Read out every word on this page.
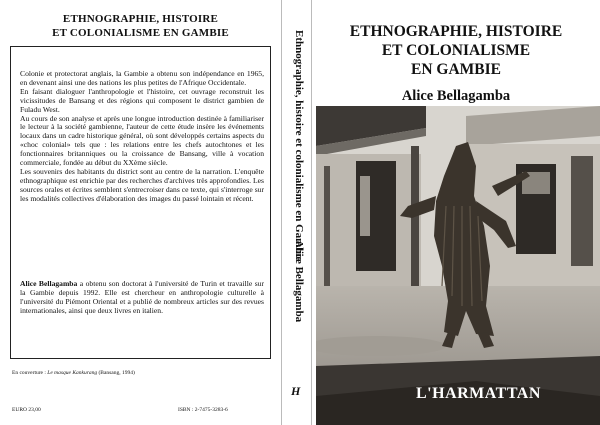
ETHNOGRAPHIE, HISTOIRE
ET COLONIALISME EN GAMBIE

Colonie et protectorat anglais, la Gambie a obtenu son indépendance en 1965, en devenant ainsi une des nations les plus petites de l'Afrique Occidentale.

En faisant dialoguer l'anthropologie et l'histoire, cet ouvrage reconstruit les vicissitudes de Bansang et des régions qui composent le district gambien de Fuladu West.

Au cours de son analyse et après une longue introduction destinée à familiariser le lecteur à la société gambienne, l'auteur de cette étude insère les événements locaux dans un cadre historique général, où sont développés certains aspects du «choc colonial» tels que : les relations entre les chefs autochtones et les fonctionnaires britanniques ou la croissance de Bansang, ville à vocation commerciale, fondée au début du XXème siècle.

Les souvenirs des habitants du district sont au centre de la narration. L'enquête ethnographique est enrichie par des recherches d'archives très approfondies. Les sources orales et écrites semblent s'entrecroiser dans ce texte, qui s'interroge sur les modalités collectives d'élaboration des images du passé lointain et récent.

Alice Bellagamba a obtenu son doctorat à l'université de Turin et travaille sur la Gambie depuis 1992. Elle est chercheur en anthropologie culturelle à l'université du Piémont Oriental et a publié de nombreux articles sur des revues internationales, ainsi que deux livres en italien.
En couverture : Le masque Kankurang (Bansang, 1994)
EURO 23,00	ISBN : 2-7475-3283-6
Ethnographie, histoire et colonialisme en Gambie
Alice Bellagamba
H
ETHNOGRAPHIE, HISTOIRE
ET COLONIALISME
EN GAMBIE
Alice Bellagamba
L'HARMATTAN
